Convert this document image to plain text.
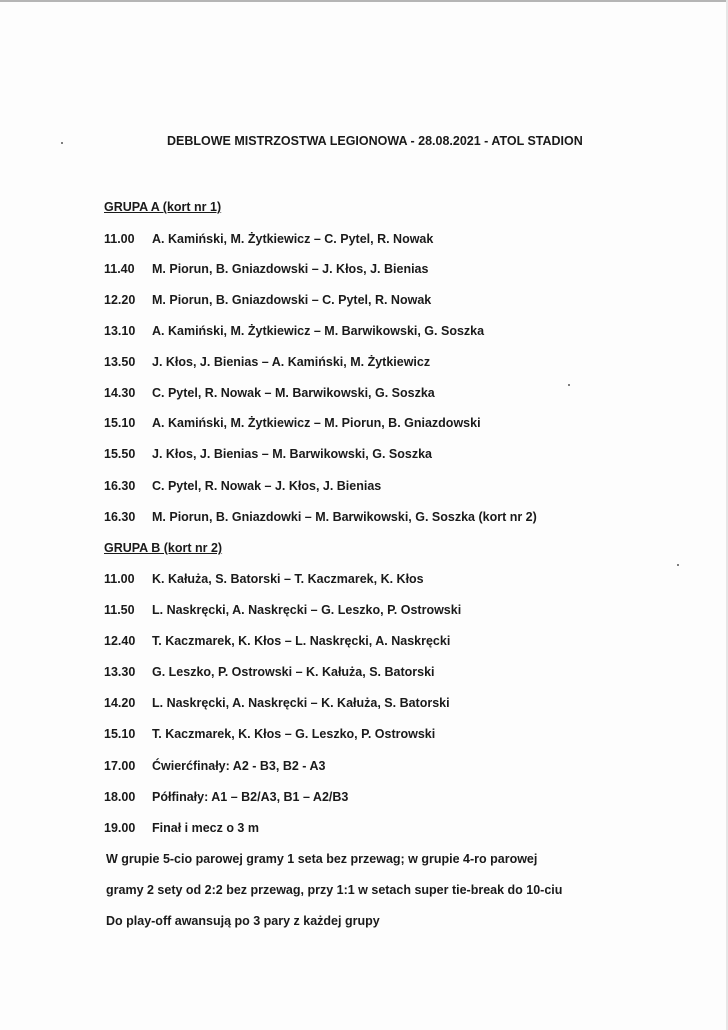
DEBLOWE MISTRZOSTWA LEGIONOWA - 28.08.2021 - ATOL STADION
GRUPA A (kort nr 1)
11.00 A. Kamiński, M. Żytkiewicz – C. Pytel, R. Nowak
11.40 M. Piorun, B. Gniazdowski – J. Kłos, J. Bienias
12.20 M. Piorun, B. Gniazdowski – C. Pytel, R. Nowak
13.10 A. Kamiński, M. Żytkiewicz – M. Barwikowski, G. Soszka
13.50 J. Kłos, J. Bienias – A. Kamiński, M. Żytkiewicz
14.30 C. Pytel, R. Nowak – M. Barwikowski, G. Soszka
15.10 A. Kamiński, M. Żytkiewicz – M. Piorun, B. Gniazdowski
15.50 J. Kłos, J. Bienias – M. Barwikowski, G. Soszka
16.30 C. Pytel, R. Nowak – J. Kłos, J. Bienias
16.30 M. Piorun, B. Gniazdowki – M. Barwikowski, G. Soszka (kort nr 2)
GRUPA B (kort nr 2)
11.00 K. Kałuża, S. Batorski – T. Kaczmarek, K. Kłos
11.50 L. Naskręcki, A. Naskręcki – G. Leszko, P. Ostrowski
12.40 T. Kaczmarek, K. Kłos – L. Naskręcki, A. Naskręcki
13.30 G. Leszko, P. Ostrowski – K. Kałuża, S. Batorski
14.20 L. Naskręcki, A. Naskręcki – K. Kałuża, S. Batorski
15.10 T. Kaczmarek, K. Kłos – G. Leszko, P. Ostrowski
17.00 Ćwierćfinały: A2 - B3, B2 - A3
18.00 Półfinały: A1 – B2/A3, B1 – A2/B3
19.00 Finał i mecz o 3 m
W grupie 5-cio parowej gramy 1 seta bez przewag; w grupie 4-ro parowej
gramy 2 sety od 2:2 bez przewag, przy 1:1 w setach super tie-break do 10-ciu
Do play-off awansują po 3 pary z każdej grupy
